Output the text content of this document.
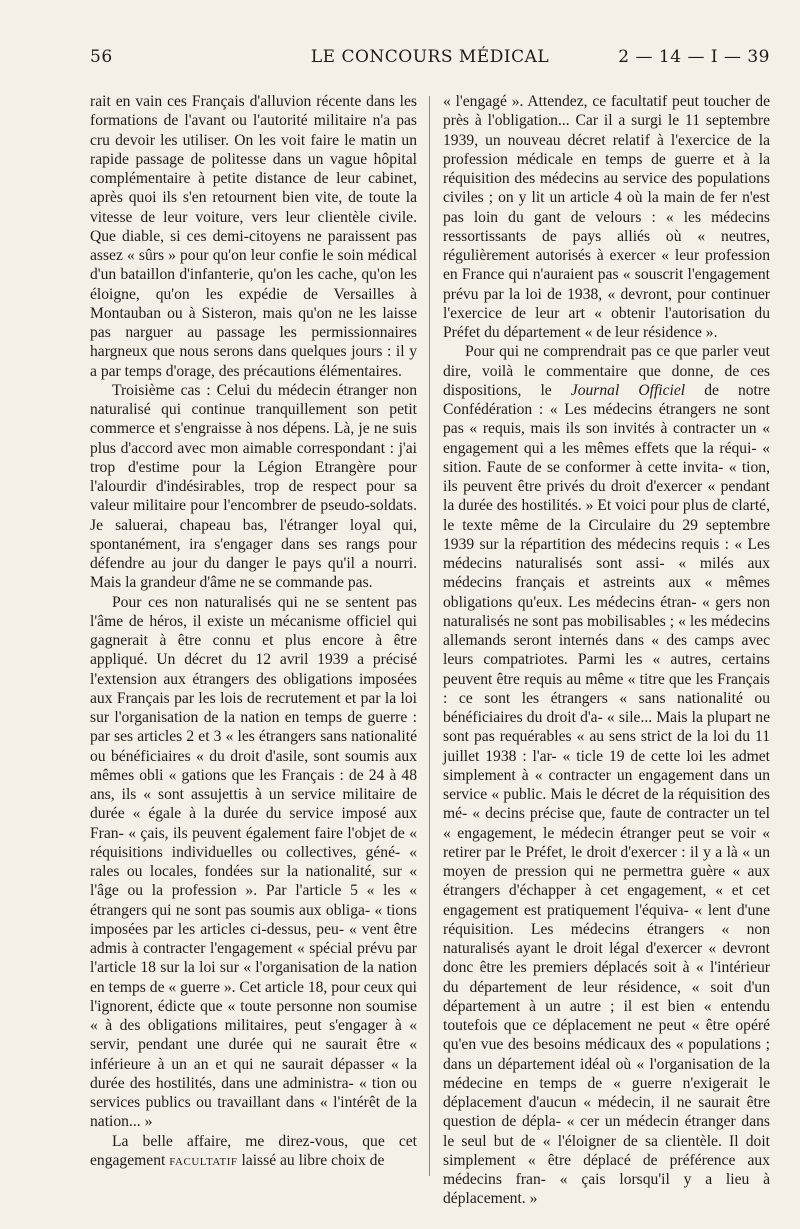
LE CONCOURS MÉDICAL
56	2 — 14 — I — 39

rait en vain ces Français d'alluvion récente dans les formations de l'avant ou l'autorité militaire n'a pas cru devoir les utiliser. On les voit faire le matin un rapide passage de politesse dans un vague hôpital complémentaire à petite distance de leur cabinet, après quoi ils s'en retournent bien vite, de toute la vitesse de leur voiture, vers leur clientèle civile. Que diable, si ces demi-citoyens ne paraissent pas assez « sûrs » pour qu'on leur confie le soin médical d'un bataillon d'infanterie, qu'on les cache, qu'on les éloigne, qu'on les expédie de Versailles à Montauban ou à Sisteron, mais qu'on ne les laisse pas narguer au passage les permissionnaires hargneux que nous serons dans quelques jours : il y a par temps d'orage, des précautions élémentaires.

Troisième cas : Celui du médecin étranger non naturalisé qui continue tranquillement son petit commerce et s'engraisse à nos dépens. Là, je ne suis plus d'accord avec mon aimable correspondant : j'ai trop d'estime pour la Légion Etrangère pour l'alourdir d'indésirables, trop de respect pour sa valeur militaire pour l'encombrer de pseudo-soldats. Je saluerai, chapeau bas, l'étranger loyal qui, spontanément, ira s'engager dans ses rangs pour défendre au jour du danger le pays qu'il a nourri. Mais la grandeur d'âme ne se commande pas.

Pour ces non naturalisés qui ne se sentent pas l'âme de héros, il existe un mécanisme officiel qui gagnerait à être connu et plus encore à être appliqué. Un décret du 12 avril 1939 a précisé l'extension aux étrangers des obligations imposées aux Français par les lois de recrutement et par la loi sur l'organisation de la nation en temps de guerre : par ses articles 2 et 3 « les étrangers sans nationalité ou bénéficiaires « du droit d'asile, sont soumis aux mêmes obli « gations que les Français : de 24 à 48 ans, ils « sont assujettis à un service militaire de durée « égale à la durée du service imposé aux Fran- « çais, ils peuvent également faire l'objet de « réquisitions individuelles ou collectives, géné- « rales ou locales, fondées sur la nationalité, sur « l'âge ou la profession ». Par l'article 5 « les « étrangers qui ne sont pas soumis aux obliga- « tions imposées par les articles ci-dessus, peu- « vent être admis à contracter l'engagement « spécial prévu par l'article 18 sur la loi sur « l'organisation de la nation en temps de « guerre ». Cet article 18, pour ceux qui l'ignorent, édicte que « toute personne non soumise « à des obligations militaires, peut s'engager à « servir, pendant une durée qui ne saurait être « inférieure à un an et qui ne saurait dépasser « la durée des hostilités, dans une administra- « tion ou services publics ou travaillant dans « l'intérêt de la nation... »

La belle affaire, me direz-vous, que cet engagement facultatif laissé au libre choix de

« l'engagé ». Attendez, ce facultatif peut toucher de près à l'obligation... Car il a surgi le 11 septembre 1939, un nouveau décret relatif à l'exercice de la profession médicale en temps de guerre et à la réquisition des médecins au service des populations civiles ; on y lit un article 4 où la main de fer n'est pas loin du gant de velours : « les médecins ressortissants de pays alliés où « neutres, régulièrement autorisés à exercer « leur profession en France qui n'auraient pas « souscrit l'engagement prévu par la loi de 1938, « devront, pour continuer l'exercice de leur art « obtenir l'autorisation du Préfet du département « de leur résidence ».

Pour qui ne comprendrait pas ce que parler veut dire, voilà le commentaire que donne, de ces dispositions, le Journal Officiel de notre Confédération : « Les médecins étrangers ne sont pas « requis, mais ils son invités à contracter un « engagement qui a les mêmes effets que la réqui- « sition. Faute de se conformer à cette invita- « tion, ils peuvent être privés du droit d'exercer « pendant la durée des hostilités. » Et voici pour plus de clarté, le texte même de la Circulaire du 29 septembre 1939 sur la répartition des médecins requis : « Les médecins naturalisés sont assi- « milés aux médecins français et astreints aux « mêmes obligations qu'eux. Les médecins étran- « gers non naturalisés ne sont pas mobilisables ; « les médecins allemands seront internés dans « des camps avec leurs compatriotes. Parmi les « autres, certains peuvent être requis au même « titre que les Français : ce sont les étrangers « sans nationalité ou bénéficiaires du droit d'a- « sile... Mais la plupart ne sont pas requérables « au sens strict de la loi du 11 juillet 1938 : l'ar- « ticle 19 de cette loi les admet simplement à « contracter un engagement dans un service « public. Mais le décret de la réquisition des mé- « decins précise que, faute de contracter un tel « engagement, le médecin étranger peut se voir « retirer par le Préfet, le droit d'exercer : il y a là « un moyen de pression qui ne permettra guère « aux étrangers d'échapper à cet engagement, « et cet engagement est pratiquement l'équiva- « lent d'une réquisition. Les médecins étrangers « non naturalisés ayant le droit légal d'exercer « devront donc être les premiers déplacés soit à « l'intérieur du département de leur résidence, « soit d'un département à un autre ; il est bien « entendu toutefois que ce déplacement ne peut « être opéré qu'en vue des besoins médicaux des « populations ; dans un département idéal où « l'organisation de la médecine en temps de « guerre n'exigerait le déplacement d'aucun « médecin, il ne saurait être question de dépla- « cer un médecin étranger dans le seul but de « l'éloigner de sa clientèle. Il doit simplement « être déplacé de préférence aux médecins fran- « çais lorsqu'il y a lieu à déplacement. »
